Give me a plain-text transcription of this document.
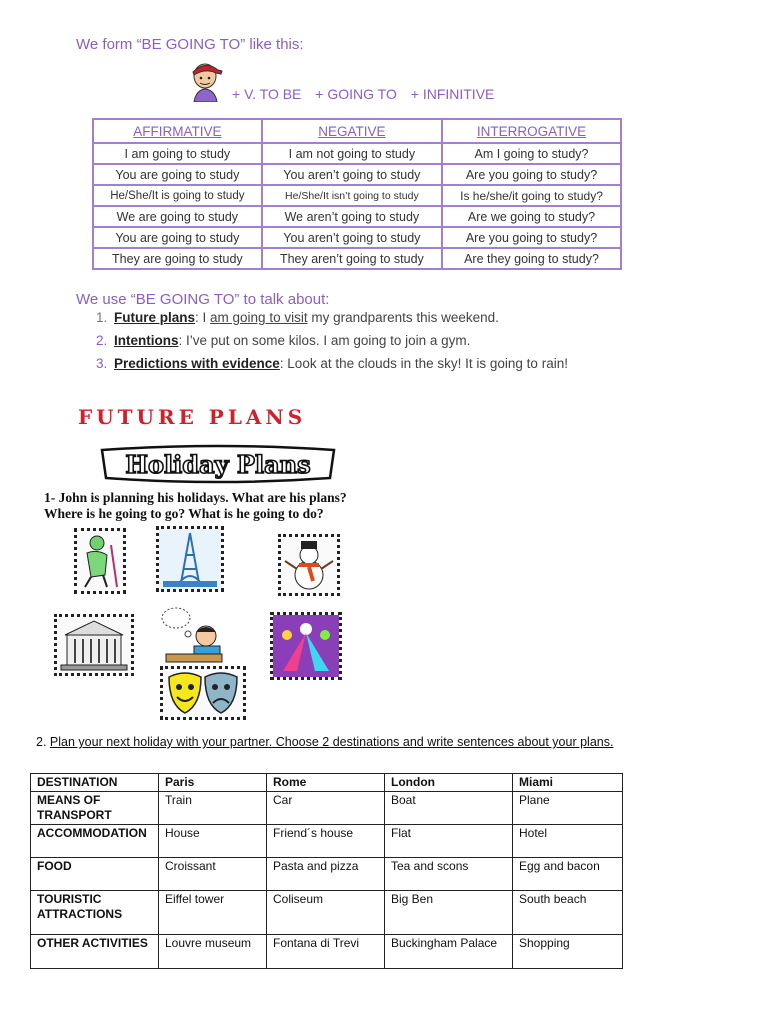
We form “BE GOING TO” like this:
+ V. TO BE + GOING TO + INFINITIVE
AFFIRMATIVE	NEGATIVE	INTERROGATIVE
I am going to study	I am not going to study	Am I going to study?
You are going to study	You aren’t going to study	Are you going to study?
He/She/It is going to study	He/She/It isn’t going to study	Is he/she/it going to study?
We are going to study	We aren’t going to study	Are we going to study?
You are going to study	You aren’t going to study	Are you going to study?
They are going to study	They aren’t going to study	Are they going to study?
We use “BE GOING TO” to talk about:
1. Future plans: I am going to visit my grandparents this weekend.
2. Intentions: I’ve put on some kilos. I am going to join a gym.
3. Predictions with evidence: Look at the clouds in the sky! It is going to rain!
FUTURE PLANS
Holiday Plans
1- John is planning his holidays. What are his plans?
Where is he going to go? What is he going to do?
2. Plan your next holiday with your partner. Choose 2 destinations and write sentences about your plans.
DESTINATION	Paris	Rome	London	Miami
MEANS OF TRANSPORT	Train	Car	Boat	Plane
ACCOMMODATION	House	Friend´s house	Flat	Hotel
FOOD	Croissant	Pasta and pizza	Tea and scons	Egg and bacon
TOURISTIC ATTRACTIONS	Eiffel tower	Coliseum	Big Ben	South beach
OTHER ACTIVITIES	Louvre museum	Fontana di Trevi	Buckingham Palace	Shopping
